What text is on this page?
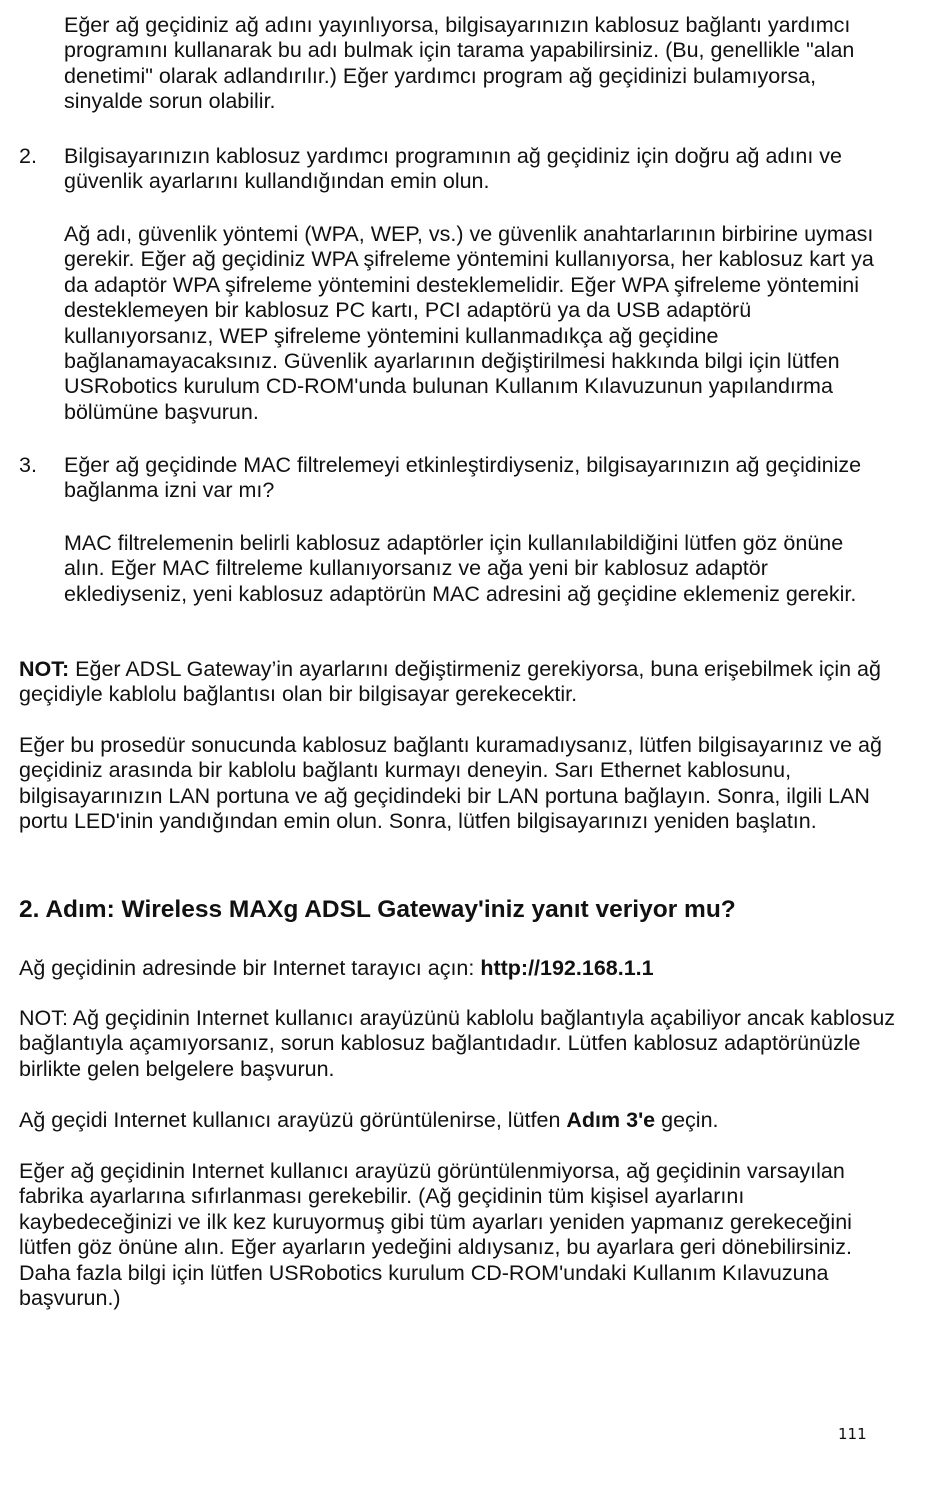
Eğer ağ geçidiniz ağ adını yayınlıyorsa, bilgisayarınızın kablosuz bağlantı yardımcı programını kullanarak bu adı bulmak için tarama yapabilirsiniz. (Bu, genellikle "alan denetimi" olarak adlandırılır.) Eğer yardımcı program ağ geçidinizi bulamıyorsa, sinyalde sorun olabilir.

2. Bilgisayarınızın kablosuz yardımcı programının ağ geçidiniz için doğru ağ adını ve güvenlik ayarlarını kullandığından emin olun.

Ağ adı, güvenlik yöntemi (WPA, WEP, vs.) ve güvenlik anahtarlarının birbirine uyması gerekir. Eğer ağ geçidiniz WPA şifreleme yöntemini kullanıyorsa, her kablosuz kart ya da adaptör WPA şifreleme yöntemini desteklemelidir. Eğer WPA şifreleme yöntemini desteklemeyen bir kablosuz PC kartı, PCI adaptörü ya da USB adaptörü kullanıyorsanız, WEP şifreleme yöntemini kullanmadıkça ağ geçidine bağlanamayacaksınız. Güvenlik ayarlarının değiştirilmesi hakkında bilgi için lütfen USRobotics kurulum CD-ROM'unda bulunan Kullanım Kılavuzunun yapılandırma bölümüne başvurun.

3. Eğer ağ geçidinde MAC filtrelemeyi etkinleştirdiyseniz, bilgisayarınızın ağ geçidinize bağlanma izni var mı?

MAC filtrelemenin belirli kablosuz adaptörler için kullanılabildiğini lütfen göz önüne alın. Eğer MAC filtreleme kullanıyorsanız ve ağa yeni bir kablosuz adaptör eklediyseniz, yeni kablosuz adaptörün MAC adresini ağ geçidine eklemeniz gerekir.

NOT: Eğer ADSL Gateway’in ayarlarını değiştirmeniz gerekiyorsa, buna erişebilmek için ağ geçidiyle kablolu bağlantısı olan bir bilgisayar gerekecektir.

Eğer bu prosedür sonucunda kablosuz bağlantı kuramadıysanız, lütfen bilgisayarınız ve ağ geçidiniz arasında bir kablolu bağlantı kurmayı deneyin. Sarı Ethernet kablosunu, bilgisayarınızın LAN portuna ve ağ geçidindeki bir LAN portuna bağlayın. Sonra, ilgili LAN portu LED'inin yandığından emin olun. Sonra, lütfen bilgisayarınızı yeniden başlatın.

2. Adım: Wireless MAXg ADSL Gateway'iniz yanıt veriyor mu?

Ağ geçidinin adresinde bir Internet tarayıcı açın: http://192.168.1.1

NOT: Ağ geçidinin Internet kullanıcı arayüzünü kablolu bağlantıyla açabiliyor ancak kablosuz bağlantıyla açamıyorsanız, sorun kablosuz bağlantıdadır. Lütfen kablosuz adaptörünüzle birlikte gelen belgelere başvurun.

Ağ geçidi Internet kullanıcı arayüzü görüntülenirse, lütfen Adım 3'e geçin.

Eğer ağ geçidinin Internet kullanıcı arayüzü görüntülenmiyorsa, ağ geçidinin varsayılan fabrika ayarlarına sıfırlanması gerekebilir. (Ağ geçidinin tüm kişisel ayarlarını kaybedeceğinizi ve ilk kez kuruyormuş gibi tüm ayarları yeniden yapmanız gerekeceğini lütfen göz önüne alın. Eğer ayarların yedeğini aldıysanız, bu ayarlara geri dönebilirsiniz. Daha fazla bilgi için lütfen USRobotics kurulum CD-ROM'undaki Kullanım Kılavuzuna başvurun.)

111
